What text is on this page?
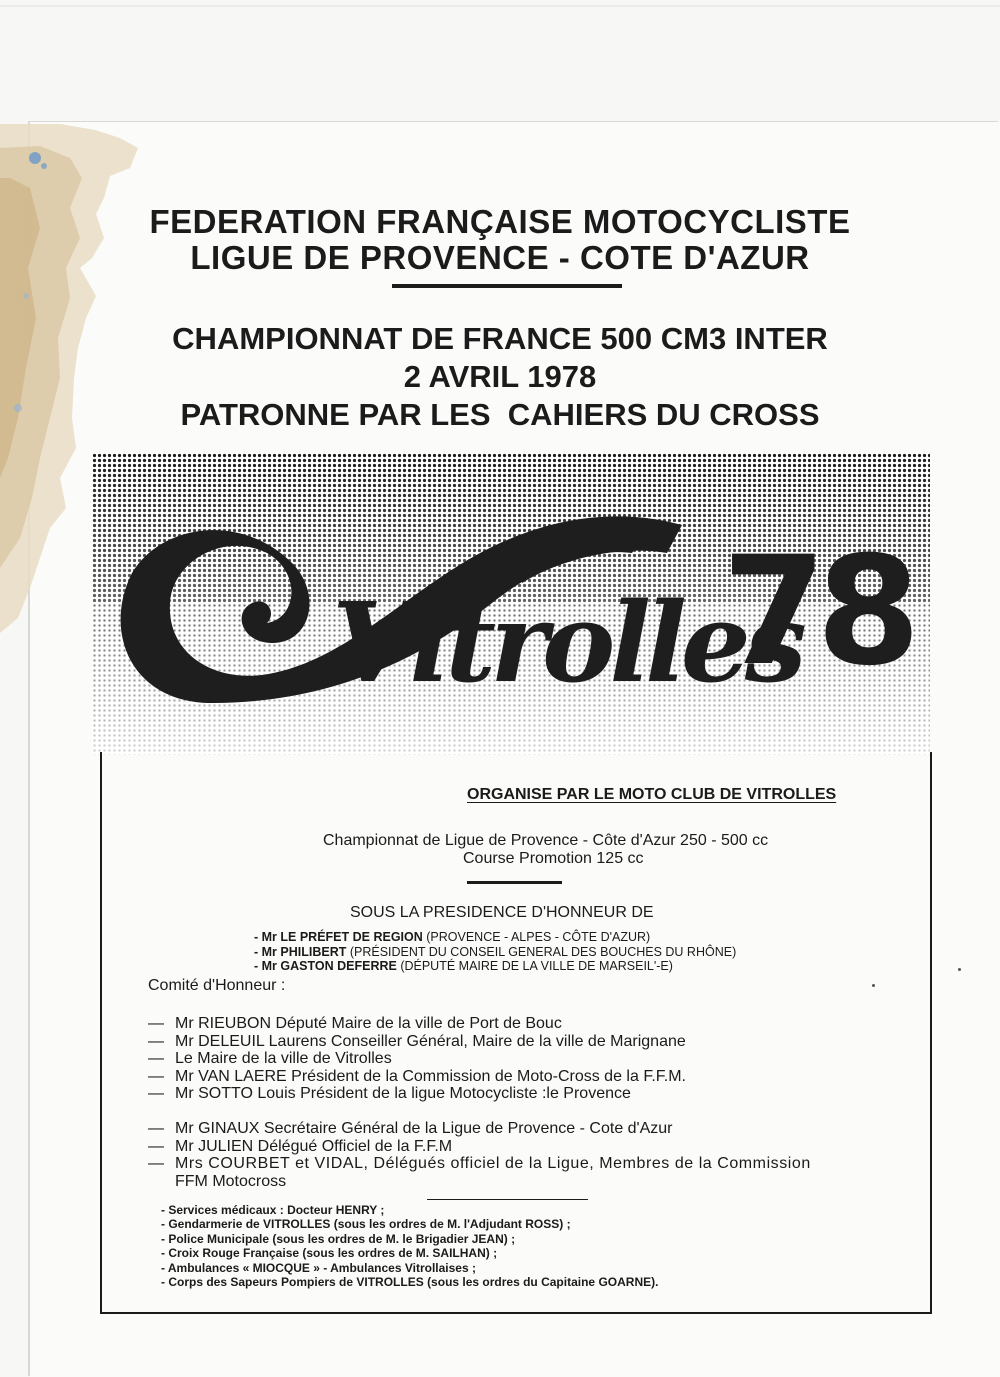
FEDERATION FRANÇAISE MOTOCYCLISTE
LIGUE DE PROVENCE - COTE D'AZUR
CHAMPIONNAT DE FRANCE 500 CM3 INTER
2 AVRIL 1978
PATRONNE PAR LES  CAHIERS DU CROSS
Vitrolles
78
ORGANISE PAR LE MOTO CLUB DE VITROLLES
Championnat de Ligue de Provence - Côte d'Azur 250 - 500 cc
Course Promotion 125 cc
SOUS LA PRESIDENCE D'HONNEUR DE
- Mr LE PRÉFET DE REGION (PROVENCE - ALPES - CÔTE D'AZUR)
- Mr PHILIBERT (PRÉSIDENT DU CONSEIL GENERAL DES BOUCHES DU RHÔNE)
- Mr GASTON DEFERRE (DÉPUTÉ MAIRE DE LA VILLE DE MARSEIL'-E)
Comité d'Honneur :
— Mr RIEUBON Député Maire de la ville de Port de Bouc
— Mr DELEUIL Laurens Conseiller Général, Maire de la ville de Marignane
— Le Maire de la ville de Vitrolles
— Mr VAN LAERE Président de la Commission de Moto-Cross de la F.F.M.
— Mr SOTTO Louis Président de la ligue Motocycliste :le Provence
— Mr GINAUX Secrétaire Général de la Ligue de Provence - Cote d'Azur
— Mr JULIEN Délégué Officiel de la F.F.M
— Mrs COURBET et VIDAL, Délégués officiel de la Ligue, Membres de la Commission
FFM Motocross
- Services médicaux : Docteur HENRY ;
- Gendarmerie de VITROLLES (sous les ordres de M. l'Adjudant ROSS) ;
- Police Municipale (sous les ordres de M. le Brigadier JEAN) ;
- Croix Rouge Française (sous les ordres de M. SAILHAN) ;
- Ambulances « MIOCQUE » - Ambulances Vitrollaises ;
- Corps des Sapeurs Pompiers de VITROLLES (sous les ordres du Capitaine GOARNE).
